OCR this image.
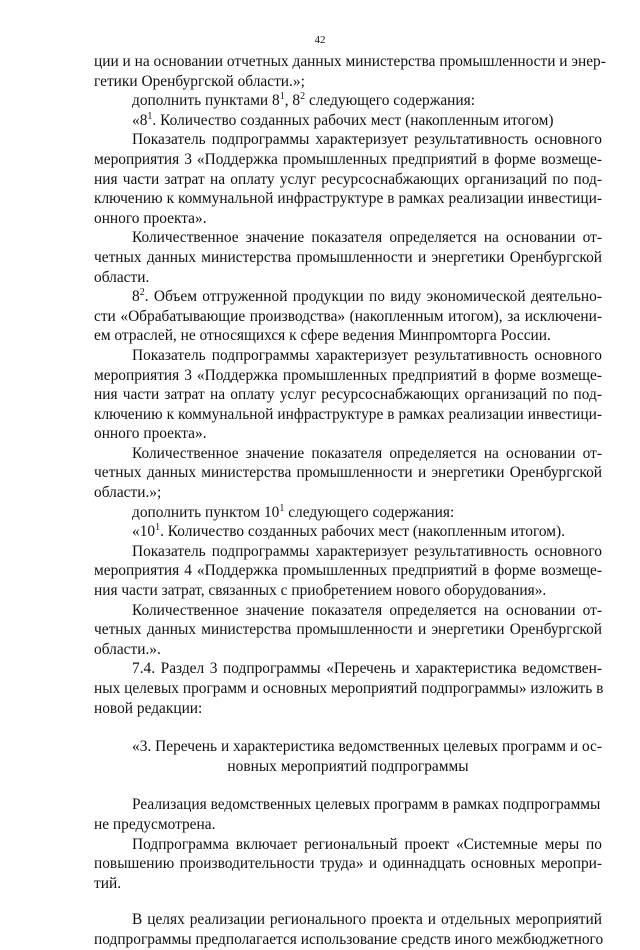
42
ции и на основании отчетных данных министерства промышленности и энер-
гетики Оренбургской области.»;
дополнить пунктами $8^1$, $8^2$ следующего содержания:
«$8^1$. Количество созданных рабочих мест (накопленным итогом)
Показатель подпрограммы характеризует результативность основного
мероприятия 3 «Поддержка промышленных предприятий в форме возмеще-
ния части затрат на оплату услуг ресурсоснабжающих организаций по под-
ключению к коммунальной инфраструктуре в рамках реализации инвестици-
онного проекта».
Количественное значение показателя определяется на основании от-
четных данных министерства промышленности и энергетики Оренбургской
области.
$8^2$. Объем отгруженной продукции по виду экономической деятельно-
сти «Обрабатывающие производства» (накопленным итогом), за исключени-
ем отраслей, не относящихся к сфере ведения Минпромторга России.
Показатель подпрограммы характеризует результативность основного
мероприятия 3 «Поддержка промышленных предприятий в форме возмеще-
ния части затрат на оплату услуг ресурсоснабжающих организаций по под-
ключению к коммунальной инфраструктуре в рамках реализации инвестици-
онного проекта».
Количественное значение показателя определяется на основании от-
четных данных министерства промышленности и энергетики Оренбургской
области.»;
дополнить пунктом $10^1$ следующего содержания:
«$10^1$. Количество созданных рабочих мест (накопленным итогом).
Показатель подпрограммы характеризует результативность основного
мероприятия 4 «Поддержка промышленных предприятий в форме возмеще-
ния части затрат, связанных с приобретением нового оборудования».
Количественное значение показателя определяется на основании от-
четных данных министерства промышленности и энергетики Оренбургской
области.».
7.4. Раздел 3 подпрограммы «Перечень и характеристика ведомствен-
ных целевых программ и основных мероприятий подпрограммы» изложить в
новой редакции:
«3. Перечень и характеристика ведомственных целевых программ и ос-
новных мероприятий подпрограммы
Реализация ведомственных целевых программ в рамках подпрограммы
не предусмотрена.
Подпрограмма включает региональный проект «Системные меры по
повышению производительности труда» и одиннадцать основных меропри-
тий.
В целях реализации регионального проекта и отдельных мероприятий
подпрограммы предполагается использование средств иного межбюджетного
